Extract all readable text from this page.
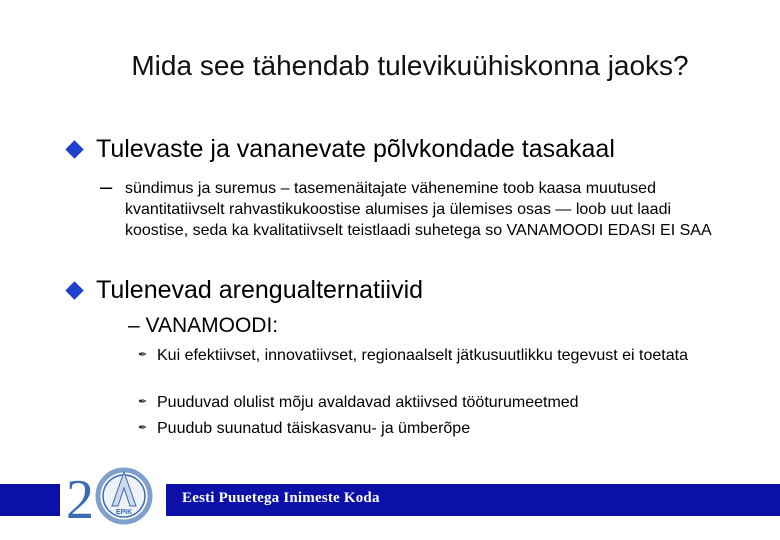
Mida see tähendab tulevikuühiskonna jaoks?
Tulevaste ja vananevate põlvkondade tasakaal
– sündimus ja suremus – tasemenäitajate vähenemine toob kaasa muutused kvantitatiivselt rahvastikukoostise alumises ja ülemises osas — loob uut laadi koostise, seda ka kvalitatiivselt teistlaadi suhetega so VANAMOODI EDASI EI SAA
Tulenevad arengualternatiivid
– VANAMOODI:
✒ Kui efektiivset, innovatiivset, regionaalselt jätkusuutlikku tegevust ei toetata
✒ Puuduvad olulist mõju avaldavad aktiivsed tööturumeetmed
✒ Puudub suunatud täiskasvanu- ja ümberõpe
Eesti Puuetega Inimeste Koda
2	EPIK
